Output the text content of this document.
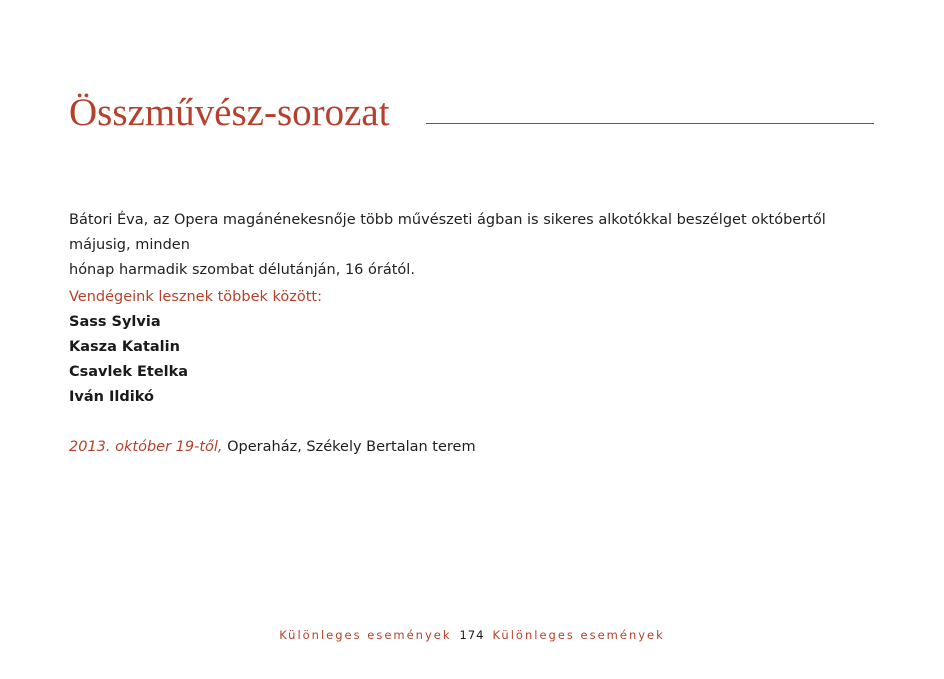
Összművész-sorozat

Bátori Éva, az Opera magánénekesnője több művészeti ágban is sikeres alkotókkal beszélget októbertől májusig, minden

hónap harmadik szombat délutánján, 16 órától.

Vendégeink lesznek többek között:
Sass Sylvia
Kasza Katalin
Csavlek Etelka
Iván Ildikó
2013. október 19-től, Operaház, Székely Bertalan terem
Különleges események 174 Különleges események
